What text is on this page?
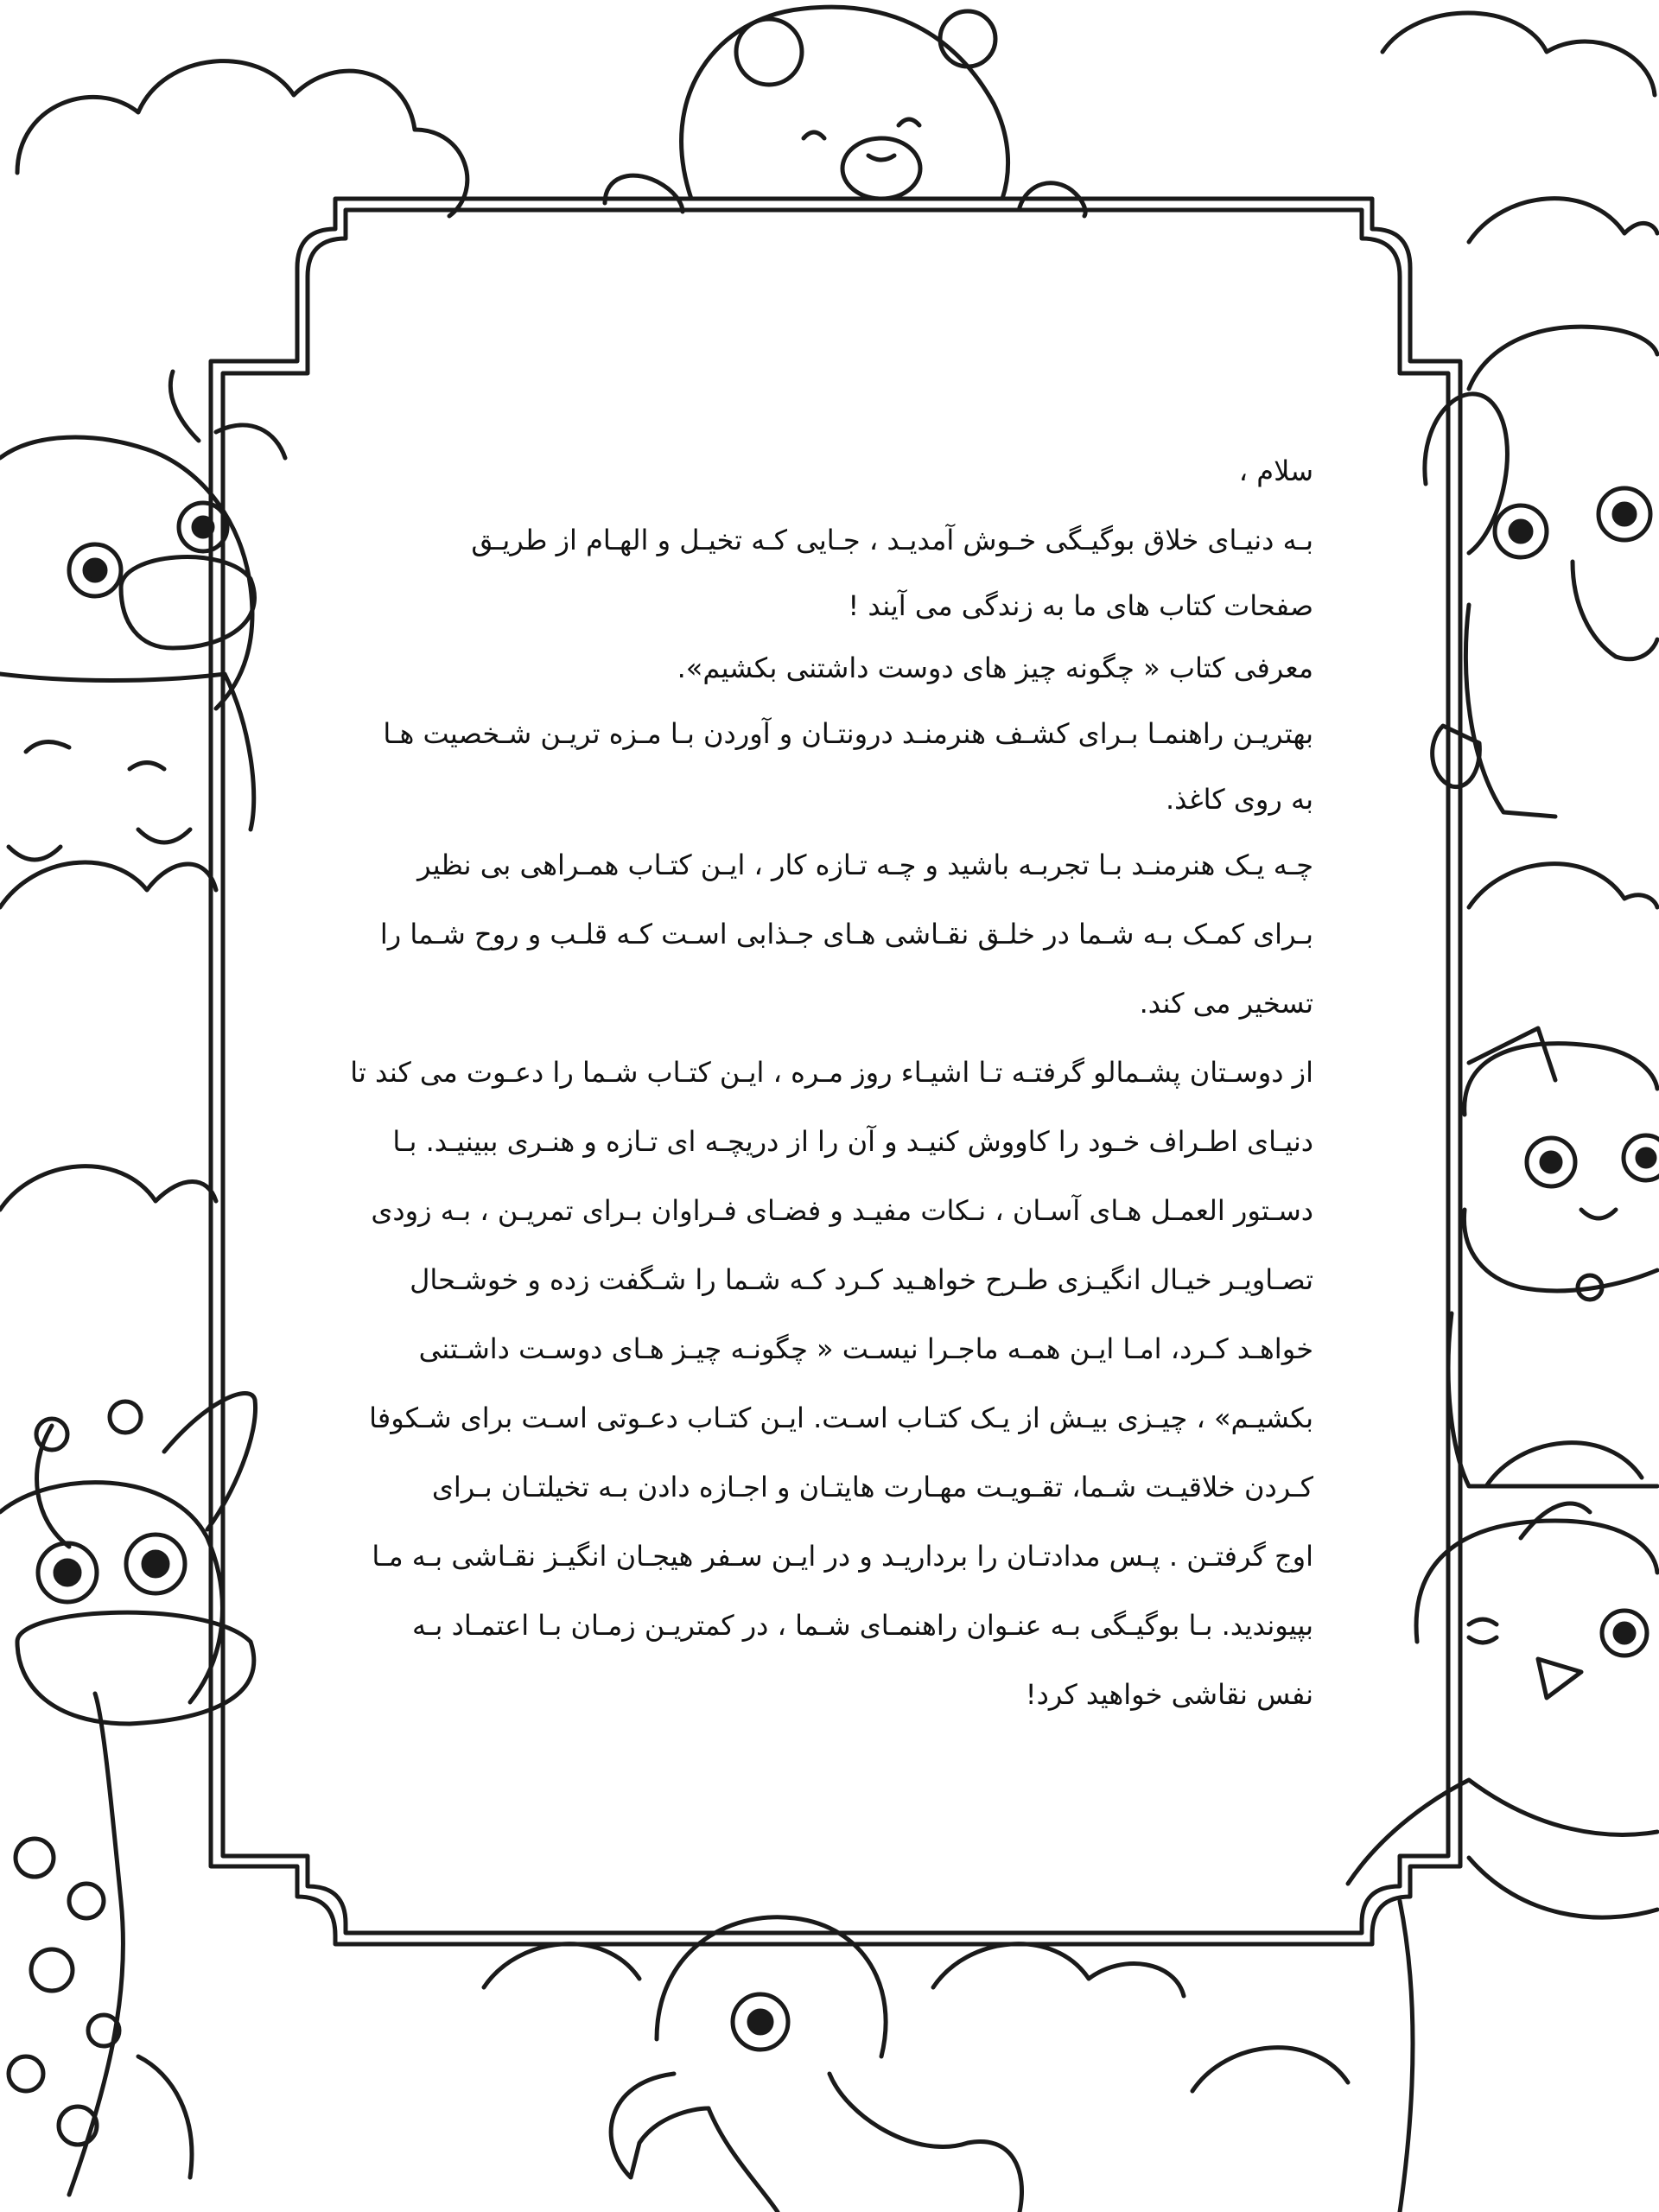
سلام ،
بـه دنیـای خلاق بوگیـگی خـوش آمدیـد ، جـایی کـه تخیـل و الهـام از طریـق
صفحات کتاب های ما به زندگی می آیند !
معرفی کتاب « چگونه چیز های دوست داشتنی بکشیم».
بهتریـن راهنمـا بـرای کشـف هنرمنـد درونتـان و آوردن بـا مـزه تریـن شـخصیت هـا
به روی کاغذ.
چـه یـک هنرمنـد بـا تجربـه باشید و چـه تـازه کار ، ایـن کتـاب همـراهی بی نظیر
بـرای کمـک بـه شـما در خلـق نقـاشی هـای جـذابی اسـت کـه قلـب و روح شـما را
تسخیر می کند.
از دوسـتان پشـمالو گرفتـه تـا اشیـاء روز مـره ، ایـن کتـاب شـما را دعـوت می کند تا
دنیـای اطـراف خـود را کاووش کنیـد و آن را از دریچـه ای تـازه و هنـری ببینیـد. بـا
دسـتور العمـل هـای آسـان ، نـکات مفیـد و فضـای فـراوان بـرای تمریـن ، بـه زودی
تصـاویـر خیـال انگیـزی طـرح خواهـید کـرد کـه شـما را شـگفت زده و خوشـحال
خواهـد کـرد، امـا ایـن همـه ماجـرا نیسـت « چگونـه چیـز هـای دوسـت داشـتنی
بکشیـم» ، چیـزی بیـش از یـک کتـاب اسـت. ایـن کتـاب دعـوتی اسـت برای شـکوفا
کـردن خلاقیـت شـما، تقـویـت مهـارت هایتـان و اجـازه دادن بـه تخیلتـان بـرای
اوج گرفتـن . پـس مدادتـان را برداریـد و در ایـن سـفر هیجـان انگیـز نقـاشی بـه مـا
بپیوندید. بـا بوگیـگی بـه عنـوان راهنمـای شـما ، در کمتریـن زمـان بـا اعتمـاد بـه
نفس نقاشی خواهید کرد!
